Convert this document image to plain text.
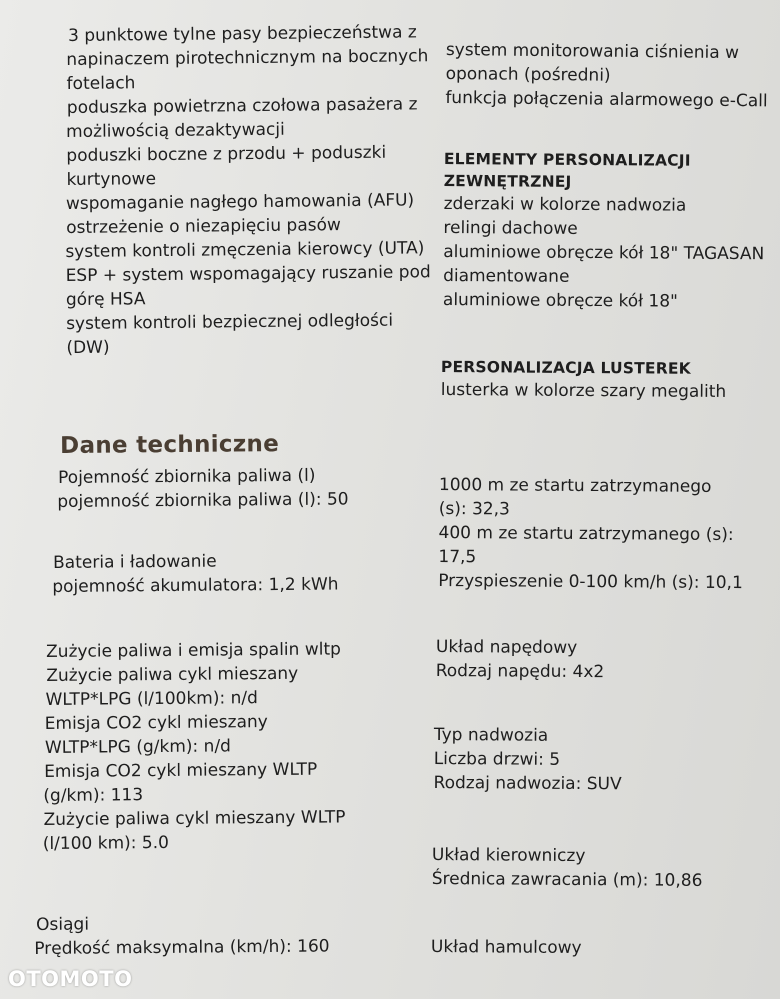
3 punktowe tylne pasy bezpieczeństwa z
napinaczem pirotechnicznym na bocznych
fotelach
poduszka powietrzna czołowa pasażera z
możliwością dezaktywacji
poduszki boczne z przodu + poduszki
kurtynowe
wspomaganie nagłego hamowania (AFU)
ostrzeżenie o niezapięciu pasów
system kontroli zmęczenia kierowcy (UTA)
ESP + system wspomagający ruszanie pod
górę HSA
system kontroli bezpiecznej odległości
(DW)
system monitorowania ciśnienia w
oponach (pośredni)
funkcja połączenia alarmowego e-Call
ELEMENTY PERSONALIZACJI
ZEWNĘTRZNEJ
zderzaki w kolorze nadwozia
relingi dachowe
aluminiowe obręcze kół 18" TAGASAN
diamentowane
aluminiowe obręcze kół 18"
PERSONALIZACJA LUSTEREK
lusterka w kolorze szary megalith
Dane techniczne
Pojemność zbiornika paliwa (l)
pojemność zbiornika paliwa (l): 50
Bateria i ładowanie
pojemność akumulatora: 1,2 kWh
Zużycie paliwa i emisja spalin wltp
Zużycie paliwa cykl mieszany
WLTP*LPG (l/100km): n/d
Emisja CO2 cykl mieszany
WLTP*LPG (g/km): n/d
Emisja CO2 cykl mieszany WLTP
(g/km): 113
Zużycie paliwa cykl mieszany WLTP
(l/100 km): 5.0
Osiągi
Prędkość maksymalna (km/h): 160
1000 m ze startu zatrzymanego
(s): 32,3
400 m ze startu zatrzymanego (s):
17,5
Przyspieszenie 0-100 km/h (s): 10,1
Układ napędowy
Rodzaj napędu: 4x2
Typ nadwozia
Liczba drzwi: 5
Rodzaj nadwozia: SUV
Układ kierowniczy
Średnica zawracania (m): 10,86
Układ hamulcowy
OTOMOTO
